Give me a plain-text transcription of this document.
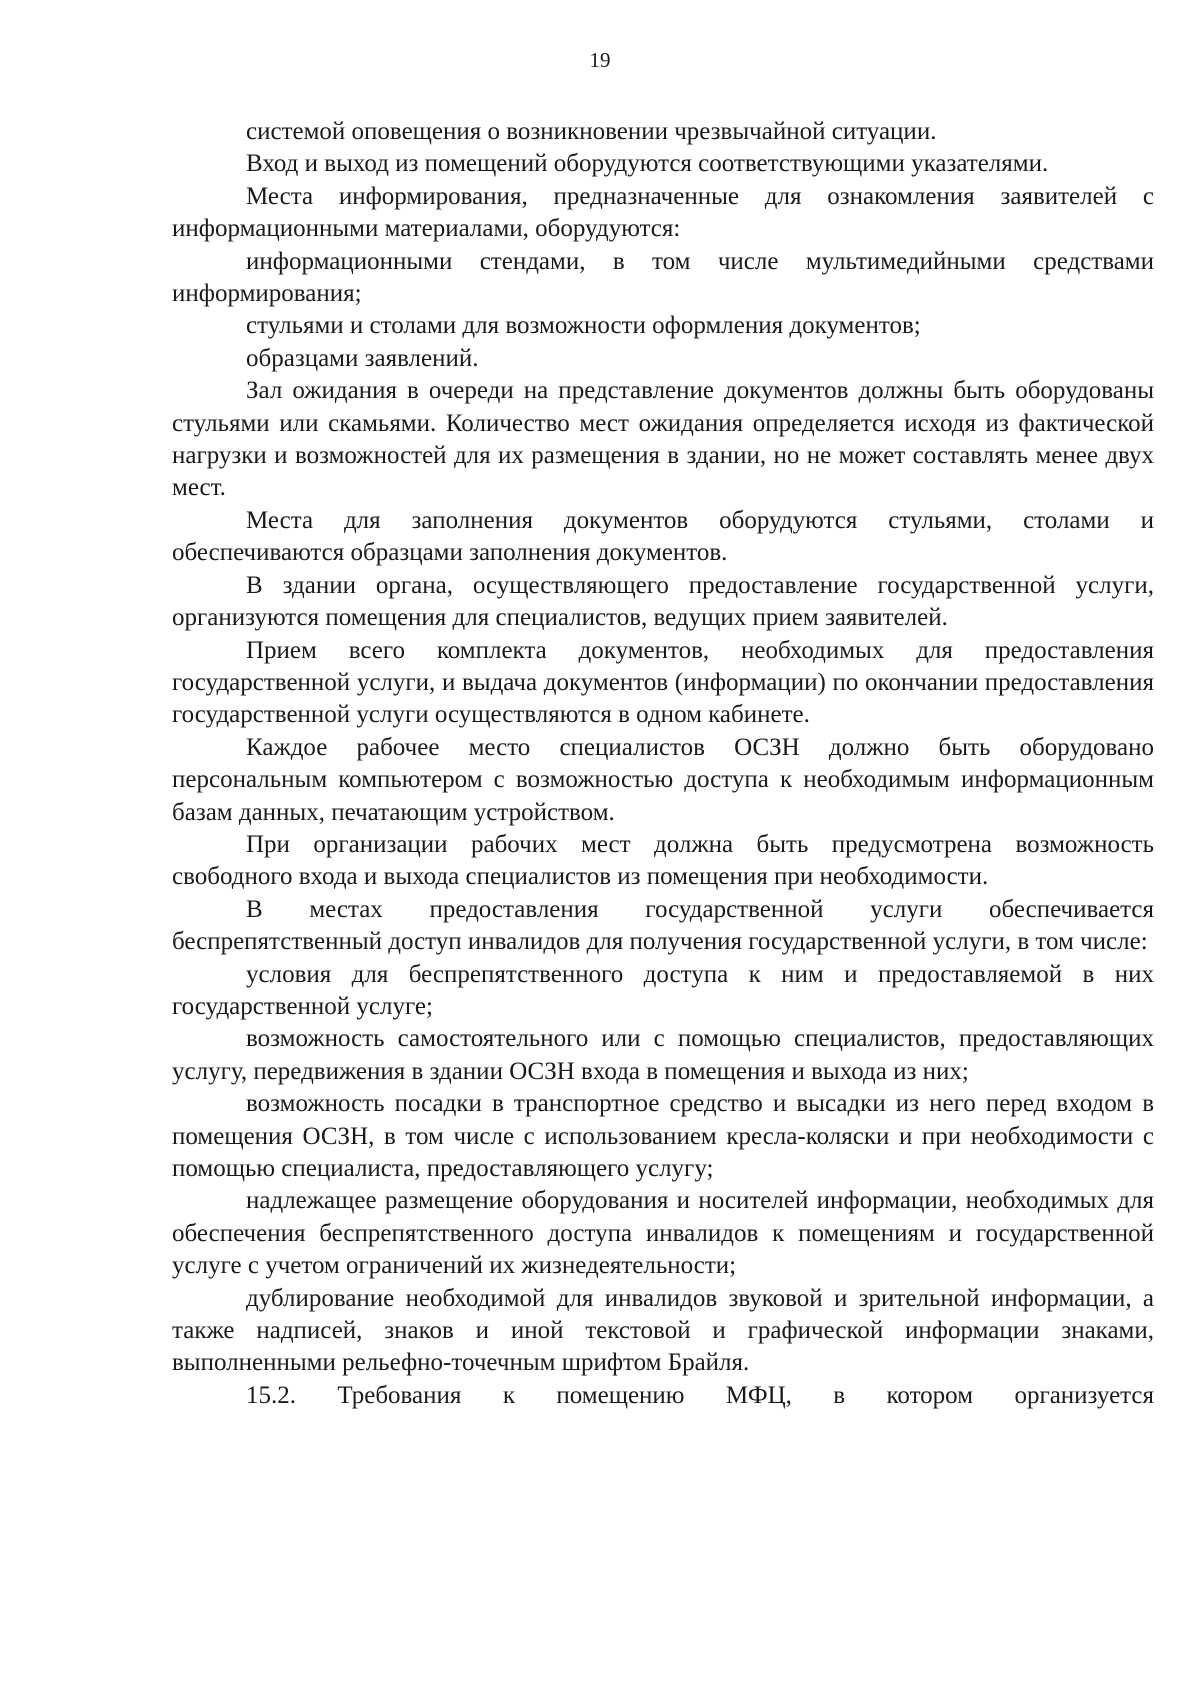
19

системой оповещения о возникновении чрезвычайной ситуации.

Вход и выход из помещений оборудуются соответствующими указателями.

Места информирования, предназначенные для ознакомления заявителей с информационными материалами, оборудуются:

информационными стендами, в том числе мультимедийными средствами информирования;

стульями и столами для возможности оформления документов;

образцами заявлений.

Зал ожидания в очереди на представление документов должны быть оборудованы стульями или скамьями. Количество мест ожидания определяется исходя из фактической нагрузки и возможностей для их размещения в здании, но не может составлять менее двух мест.

Места для заполнения документов оборудуются стульями, столами и обеспечиваются образцами заполнения документов.

В здании органа, осуществляющего предоставление государственной услуги, организуются помещения для специалистов, ведущих прием заявителей.

Прием всего комплекта документов, необходимых для предоставления государственной услуги, и выдача документов (информации) по окончании предоставления государственной услуги осуществляются в одном кабинете.

Каждое рабочее место специалистов ОСЗН должно быть оборудовано персональным компьютером с возможностью доступа к необходимым информационным базам данных, печатающим устройством.

При организации рабочих мест должна быть предусмотрена возможность свободного входа и выхода специалистов из помещения при необходимости.

В местах предоставления государственной услуги обеспечивается беспрепятственный доступ инвалидов для получения государственной услуги, в том числе:

условия для беспрепятственного доступа к ним и предоставляемой в них государственной услуге;

возможность самостоятельного или с помощью специалистов, предоставляющих услугу, передвижения в здании ОСЗН входа в помещения и выхода из них;

возможность посадки в транспортное средство и высадки из него перед входом в помещения ОСЗН, в том числе с использованием кресла-коляски и при необходимости с помощью специалиста, предоставляющего услугу;

надлежащее размещение оборудования и носителей информации, необходимых для обеспечения беспрепятственного доступа инвалидов к помещениям и государственной услуге с учетом ограничений их жизнедеятельности;

дублирование необходимой для инвалидов звуковой и зрительной информации, а также надписей, знаков и иной текстовой и графической информации знаками, выполненными рельефно-точечным шрифтом Брайля.

15.2. Требования к помещению МФЦ, в котором организуется
